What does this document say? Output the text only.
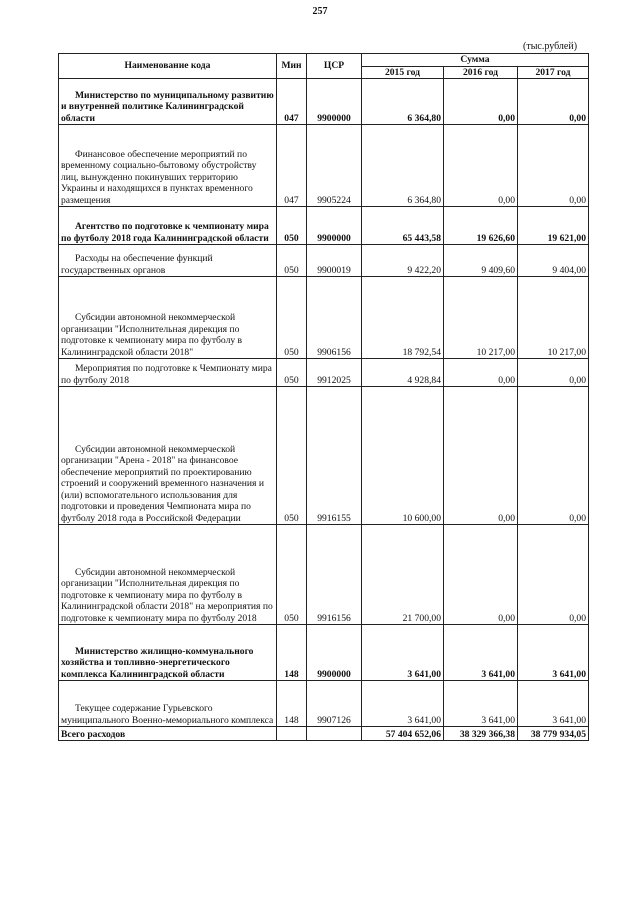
257
(тыс.рублей)
Наименование кода	Мин	ЦСР	Сумма		
			2015 год	2016 год	2017 год
Министерство по муниципальному развитию и внутренней политике Калининградской области	047	9900000	6 364,80	0,00	0,00
Финансовое обеспечение мероприятий по временному социально-бытовому обустройству лиц, вынужденно покинувших территорию Украины и находящихся в пунктах временного размещения	047	9905224	6 364,80	0,00	0,00
Агентство по подготовке к чемпионату мира по футболу 2018 года Калининградской области	050	9900000	65 443,58	19 626,60	19 621,00
Расходы на обеспечение функций государственных органов	050	9900019	9 422,20	9 409,60	9 404,00
Субсидии автономной некоммерческой организации "Исполнительная дирекция по подготовке к чемпионату мира по футболу в Калининградской области 2018"	050	9906156	18 792,54	10 217,00	10 217,00
Мероприятия по подготовке к Чемпионату мира по футболу 2018	050	9912025	4 928,84	0,00	0,00
Субсидии автономной некоммерческой организации "Арена - 2018" на финансовое обеспечение мероприятий по проектированию строений и сооружений временного назначения и (или) вспомогательного использования для подготовки и проведения Чемпионата мира по футболу 2018 года в Российской Федерации	050	9916155	10 600,00	0,00	0,00
Субсидии автономной некоммерческой организации "Исполнительная дирекция по подготовке к чемпионату мира по футболу в Калининградской области 2018" на мероприятия по подготовке к чемпионату мира по футболу 2018	050	9916156	21 700,00	0,00	0,00
Министерство жилищно-коммунального хозяйства и топливно-энергетического комплекса Калининградской области	148	9900000	3 641,00	3 641,00	3 641,00
Текущее содержание Гурьевского муниципального Военно-мемориального комплекса	148	9907126	3 641,00	3 641,00	3 641,00
Всего расходов			57 404 652,06	38 329 366,38	38 779 934,05
